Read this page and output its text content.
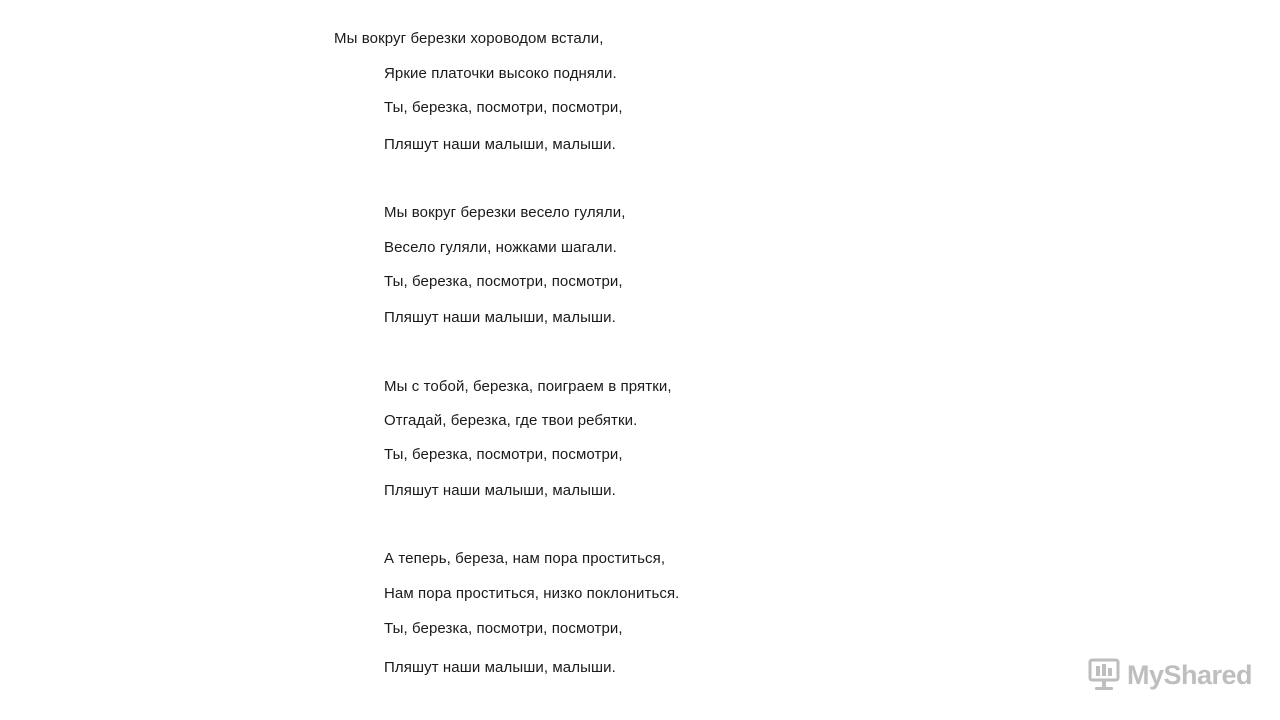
Мы вокруг березки хороводом встали,
Яркие платочки высоко подняли.
Ты, березка, посмотри, посмотри,
Пляшут наши малыши, малыши.
Мы вокруг березки весело гуляли,
Весело гуляли, ножками шагали.
Ты, березка, посмотри, посмотри,
Пляшут наши малыши, малыши.
Мы с тобой, березка, поиграем в прятки,
Отгадай, березка, где твои ребятки.
Ты, березка, посмотри, посмотри,
Пляшут наши малыши, малыши.
А теперь, береза, нам пора проститься,
Нам пора проститься, низко поклониться.
Ты, березка, посмотри, посмотри,
Пляшут наши малыши, малыши.	MyShared
